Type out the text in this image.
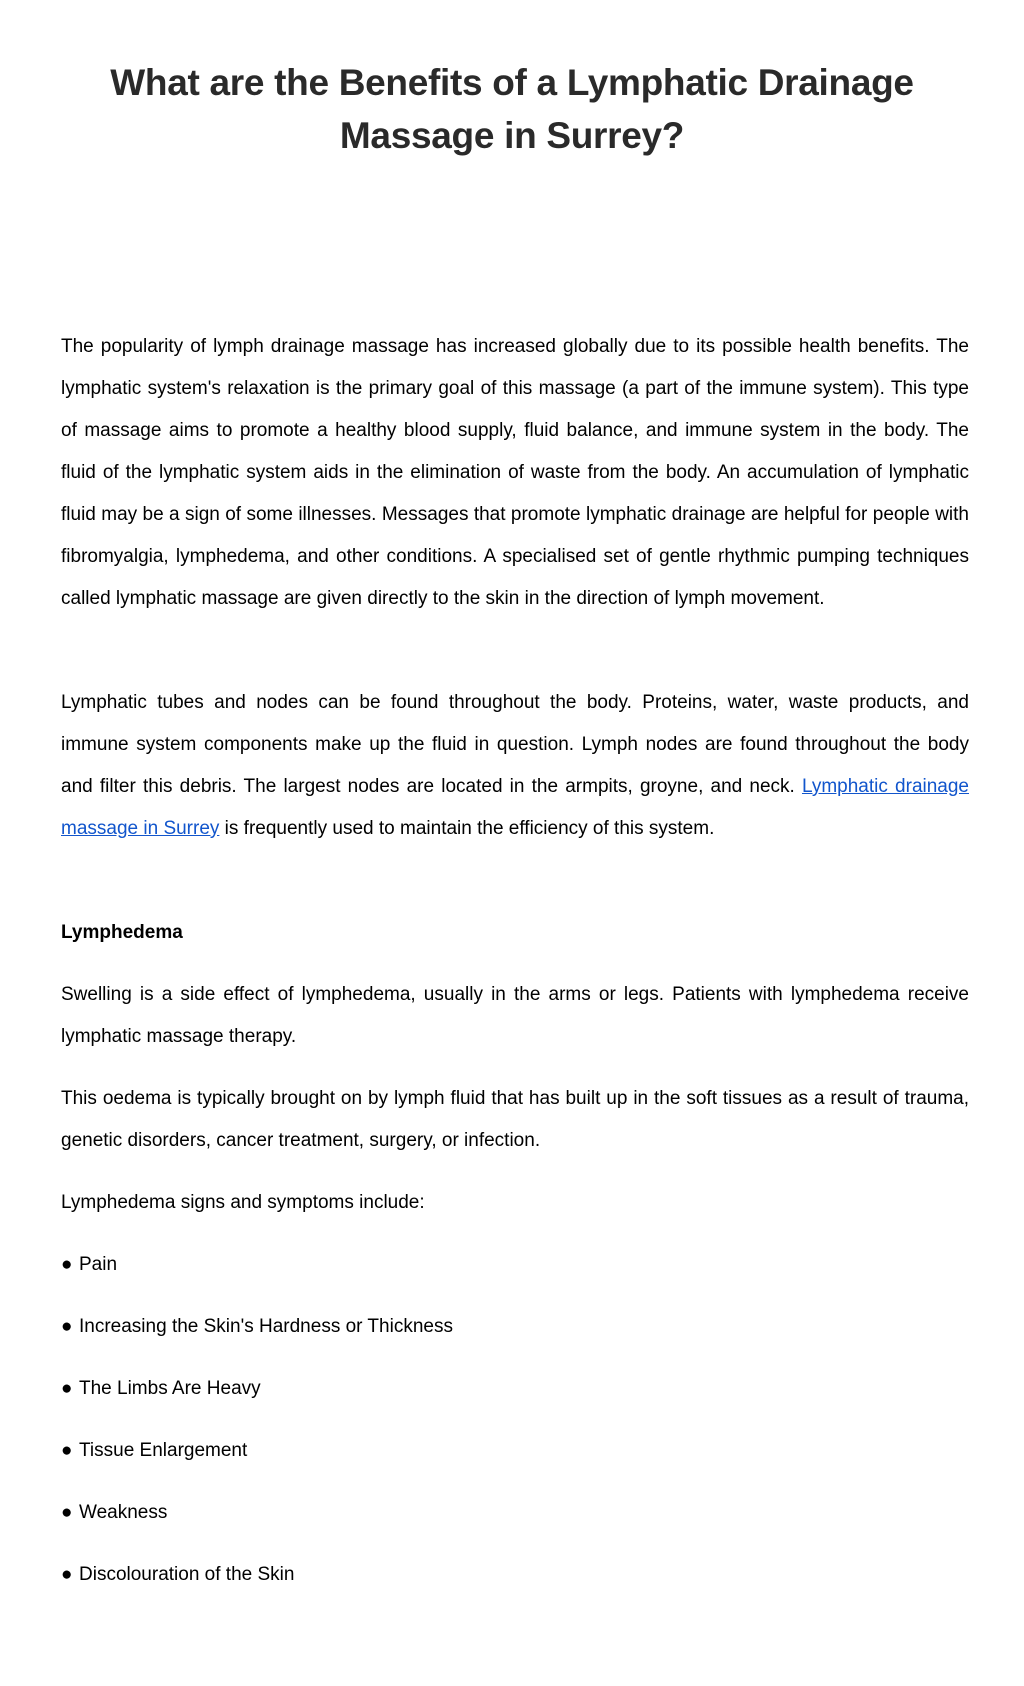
What are the Benefits of a Lymphatic Drainage Massage in Surrey?

The popularity of lymph drainage massage has increased globally due to its possible health benefits. The lymphatic system's relaxation is the primary goal of this massage (a part of the immune system). This type of massage aims to promote a healthy blood supply, fluid balance, and immune system in the body. The fluid of the lymphatic system aids in the elimination of waste from the body. An accumulation of lymphatic fluid may be a sign of some illnesses. Messages that promote lymphatic drainage are helpful for people with fibromyalgia, lymphedema, and other conditions. A specialised set of gentle rhythmic pumping techniques called lymphatic massage are given directly to the skin in the direction of lymph movement.

Lymphatic tubes and nodes can be found throughout the body. Proteins, water, waste products, and immune system components make up the fluid in question. Lymph nodes are found throughout the body and filter this debris. The largest nodes are located in the armpits, groyne, and neck. Lymphatic drainage massage in Surrey is frequently used to maintain the efficiency of this system.

Lymphedema

Swelling is a side effect of lymphedema, usually in the arms or legs. Patients with lymphedema receive lymphatic massage therapy.

This oedema is typically brought on by lymph fluid that has built up in the soft tissues as a result of trauma, genetic disorders, cancer treatment, surgery, or infection.

Lymphedema signs and symptoms include:

● Pain
● Increasing the Skin's Hardness or Thickness
● The Limbs Are Heavy
● Tissue Enlargement
● Weakness
● Discolouration of the Skin
